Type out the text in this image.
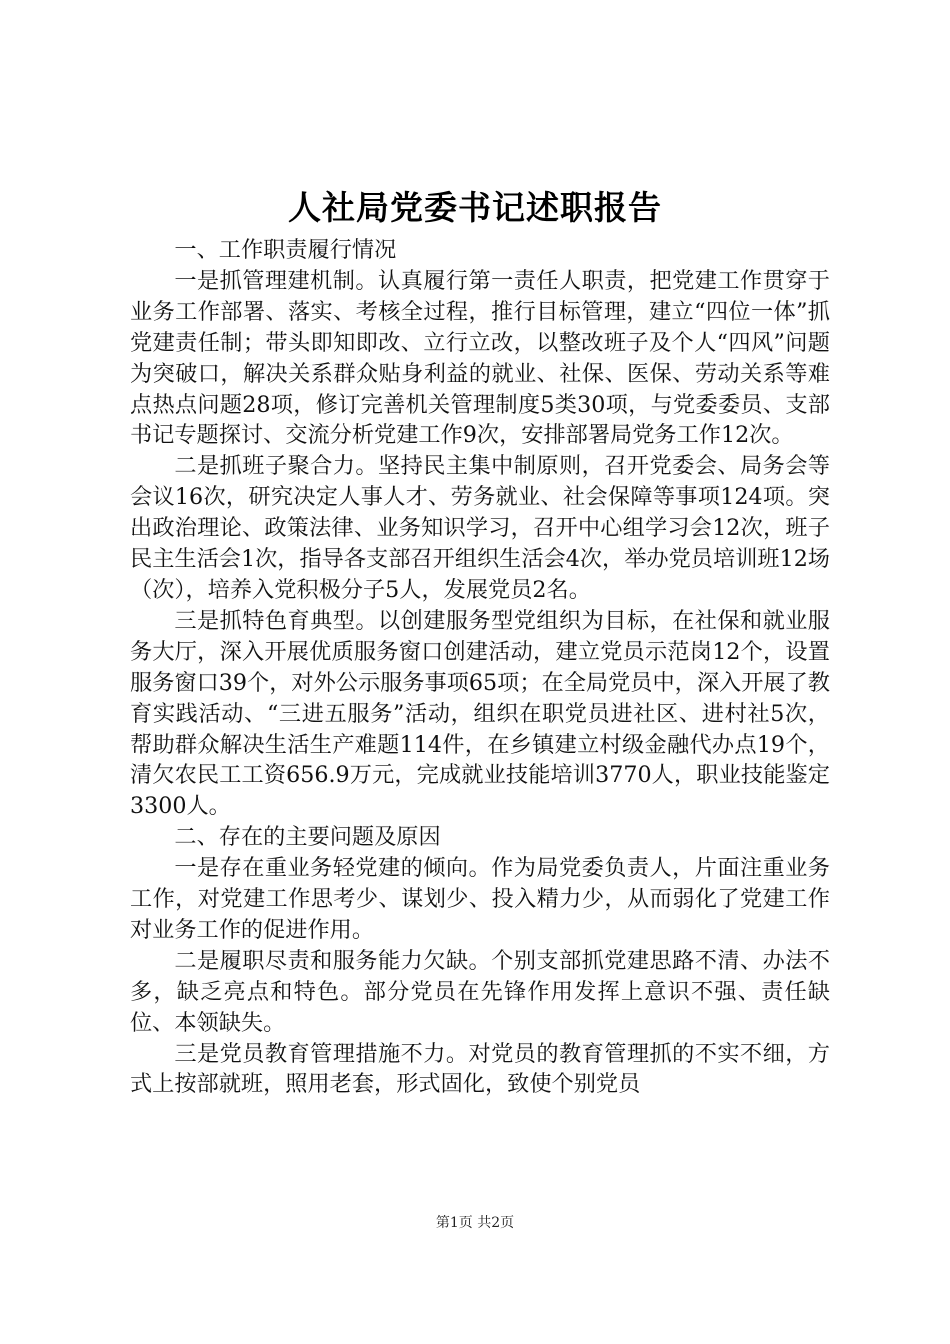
人社局党委书记述职报告

一、工作职责履行情况

一是抓管理建机制。认真履行第一责任人职责，把党建工作贯穿于业务工作部署、落实、考核全过程，推行目标管理，建立“四位一体”抓党建责任制；带头即知即改、立行立改，以整改班子及个人“四风”问题为突破口，解决关系群众贴身利益的就业、社保、医保、劳动关系等难点热点问题28项，修订完善机关管理制度5类30项，与党委委员、支部书记专题探讨、交流分析党建工作9次，安排部署局党务工作12次。

二是抓班子聚合力。坚持民主集中制原则，召开党委会、局务会等会议16次，研究决定人事人才、劳务就业、社会保障等事项124项。突出政治理论、政策法律、业务知识学习，召开中心组学习会12次，班子民主生活会1次，指导各支部召开组织生活会4次，举办党员培训班12场（次），培养入党积极分子5人，发展党员2名。

三是抓特色育典型。以创建服务型党组织为目标，在社保和就业服务大厅，深入开展优质服务窗口创建活动，建立党员示范岗12个，设置服务窗口39个，对外公示服务事项65项；在全局党员中，深入开展了教育实践活动、“三进五服务”活动，组织在职党员进社区、进村社5次，帮助群众解决生活生产难题114件，在乡镇建立村级金融代办点19个，清欠农民工工资656.9万元，完成就业技能培训3770人，职业技能鉴定3300人。

二、存在的主要问题及原因

一是存在重业务轻党建的倾向。作为局党委负责人，片面注重业务工作，对党建工作思考少、谋划少、投入精力少，从而弱化了党建工作对业务工作的促进作用。

二是履职尽责和服务能力欠缺。个别支部抓党建思路不清、办法不多，缺乏亮点和特色。部分党员在先锋作用发挥上意识不强、责任缺位、本领缺失。

三是党员教育管理措施不力。对党员的教育管理抓的不实不细，方式上按部就班，照用老套，形式固化，致使个别党员

第1页 共2页
